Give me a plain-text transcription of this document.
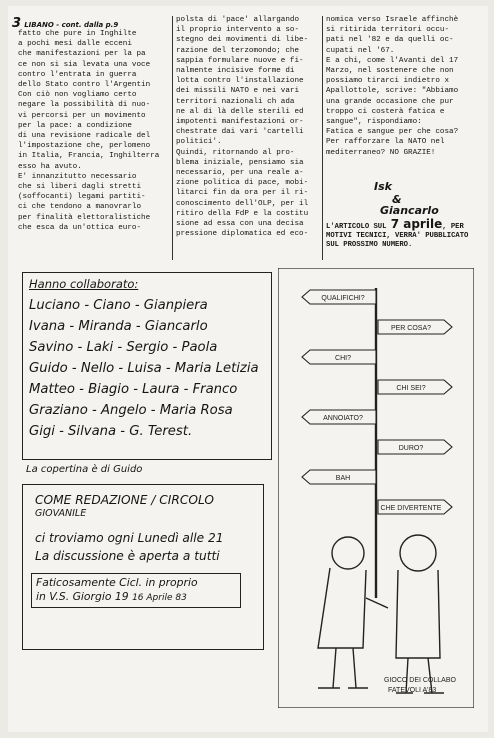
3 LIBANO - cont. dalla p.9
fatto che pure in Inghilte
a pochi mesi dalle ecceni
che manifestazioni per la pa
ce non si sia levata una voce
contro l'entrata in guerra
dello Stato contro l'Argentin
Con ciò non vogliamo certo
negare la possibilità di nuo-
vi percorsi per un movimento
per la pace: a condizione
di una revisione radicale del
l'impostazione che, perlomeno
in Italia, Francia, Inghilterra
esso ha avuto.
E' innanzitutto necessario
che si liberi dagli stretti
(soffocanti) legami partiti-
ci che tendono a manovrarlo
per finalità elettoralistiche
che esca da un'ottica euro-
polsta di 'pace' allargando
il proprio intervento a so-
stegno dei movimenti di libe-
razione del terzomondo; che
sappia formulare nuove e fi-
nalmente incisive forme di
lotta contro l'installazione
dei missili NATO e nei vari
territori nazionali ch ada
ne al di là delle sterili ed
impotenti manifestazioni or-
chestrate dai vari 'cartelli
politici'.
Quindi, ritornando al pro-
blema iniziale, pensiamo sia
necessario, per una reale a-
zione politica di pace, mobi-
litarci fin da ora per il ri-
conoscimento dell'OLP, per il
ritiro della FdP e la costitu
sione ad essa con una decisa
pressione diplomatica ed eco-
nomica verso Israele affinchè
si ritirida territori occu-
pati nel '82 e da quelli oc-
cupati nel '67.
E a chi, come l'Avanti del 17
Marzo, nel sostenere che non
possiamo tirarci indietro x
Apallottole, scrive: "Abbiamo
una grande occasione che pur
troppo ci costerà fatica e
sangue", rispondiamo:
Fatica e sangue per che cosa?
Per rafforzare la NATO nel
mediterraneo? NO GRAZIE!
Isk
&
Giancarlo
L'ARTICOLO SUL 7 aprile, PER
MOTIVI TECNICI, VERRA' PUBBLICATO
SUL PROSSIMO NUMERO.
Hanno collaborato:
Luciano - Ciano - Gianpiera
Ivana - Miranda - Giancarlo
Savino - Laki - Sergio - Paola
Guido - Nello - Luisa - Maria Letizia
Matteo - Biagio - Laura - Franco
Graziano - Angelo - Maria Rosa
Gigi - Silvana - G. Terest.
La copertina è di Guido
COME REDAZIONE / CIRCOLO $^{GIOVANILE}$
ci troviamo ogni Lunedì alle 21
La discussione è aperta a tutti
Faticosamente Cicl. in proprio
in V.S. Giorgio 19 16 Aprile 83
QUALIFICHI?
PER COSA?
CHI?
CHI SEI?
ANNOIATO?
DURO?
BAH
CHE DIVERTENTE
GIOCO DEI COLLABO
FATEVOLI A'83
